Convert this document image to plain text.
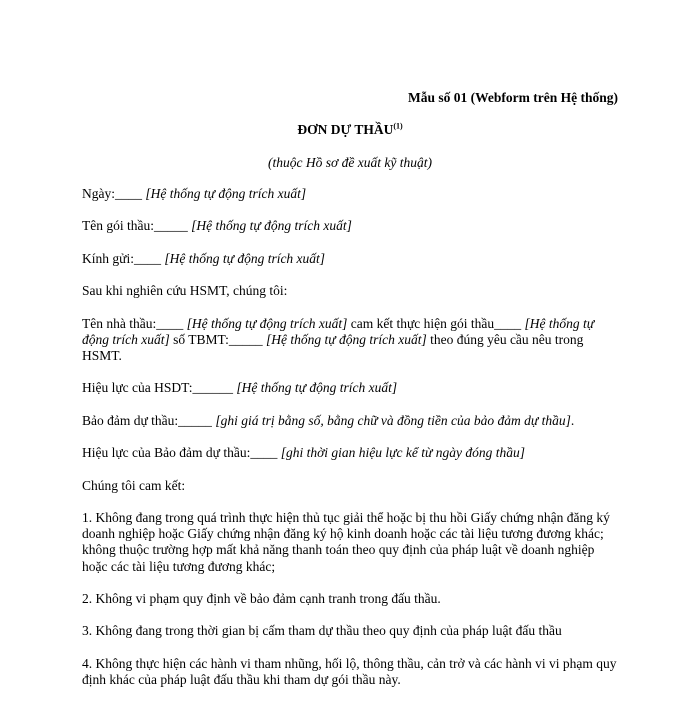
Mẫu số 01 (Webform trên Hệ thống)
ĐƠN DỰ THẦU$^{(1)}$
(thuộc Hồ sơ đề xuất kỹ thuật)

Ngày:____ [Hệ thống tự động trích xuất]

Tên gói thầu:_____ [Hệ thống tự động trích xuất]

Kính gửi:____ [Hệ thống tự động trích xuất]

Sau khi nghiên cứu HSMT, chúng tôi:

Tên nhà thầu:____ [Hệ thống tự động trích xuất] cam kết thực hiện gói thầu____ [Hệ thống tự động trích xuất] số TBMT:_____ [Hệ thống tự động trích xuất] theo đúng yêu cầu nêu trong HSMT.

Hiệu lực của HSDT:______ [Hệ thống tự động trích xuất]

Bảo đảm dự thầu:_____ [ghi giá trị bằng số, bằng chữ và đồng tiền của bảo đảm dự thầu].

Hiệu lực của Bảo đảm dự thầu:____ [ghi thời gian hiệu lực kể từ ngày đóng thầu]

Chúng tôi cam kết:

1. Không đang trong quá trình thực hiện thủ tục giải thể hoặc bị thu hồi Giấy chứng nhận đăng ký doanh nghiệp hoặc Giấy chứng nhận đăng ký hộ kinh doanh hoặc các tài liệu tương đương khác; không thuộc trường hợp mất khả năng thanh toán theo quy định của pháp luật về doanh nghiệp hoặc các tài liệu tương đương khác;

2. Không vi phạm quy định về bảo đảm cạnh tranh trong đấu thầu.

3. Không đang trong thời gian bị cấm tham dự thầu theo quy định của pháp luật đấu thầu

4. Không thực hiện các hành vi tham nhũng, hối lộ, thông thầu, cản trở và các hành vi vi phạm quy định khác của pháp luật đấu thầu khi tham dự gói thầu này.
